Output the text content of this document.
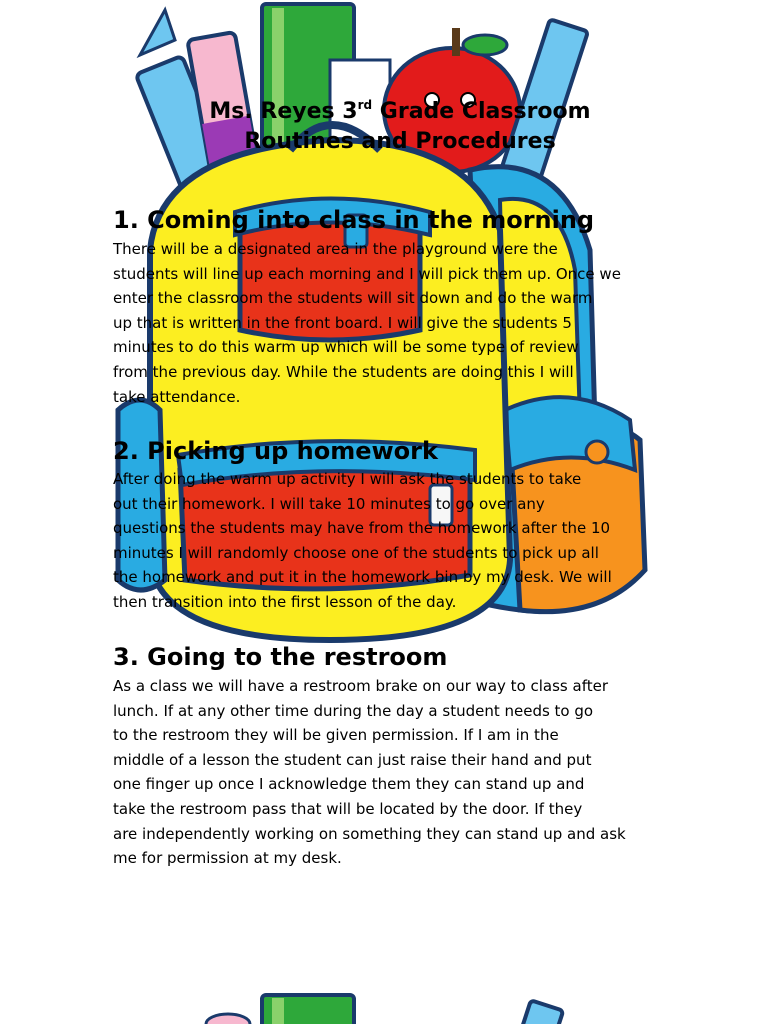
Ms. Reyes 3rd Grade Classroom
Routines and Procedures
1. Coming into class in the morning
There will be a designated area in the playground were the
students will line up each morning and I will pick them up. Once we
enter the classroom the students will sit down and do the warm
up that is written in the front board. I will give the students 5
minutes to do this warm up which will be some type of review
from the previous day. While the students are doing this I will
take attendance.
2. Picking up homework
After doing the warm up activity I will ask the students to take
out their homework. I will take 10 minutes to go over any
questions the students may have from the homework after the 10
minutes I will randomly choose one of the students to pick up all
the homework and put it in the homework bin by my desk. We will
then transition into the first lesson of the day.
3. Going to the restroom
As a class we will have a restroom brake on our way to class after
lunch. If at any other time during the day a student needs to go
to the restroom they will be given permission. If I am in the
middle of a lesson the student can just raise their hand and put
one finger up once I acknowledge them they can stand up and
take the restroom pass that will be located by the door. If they
are independently working on something they can stand up and ask
me for permission at my desk.
